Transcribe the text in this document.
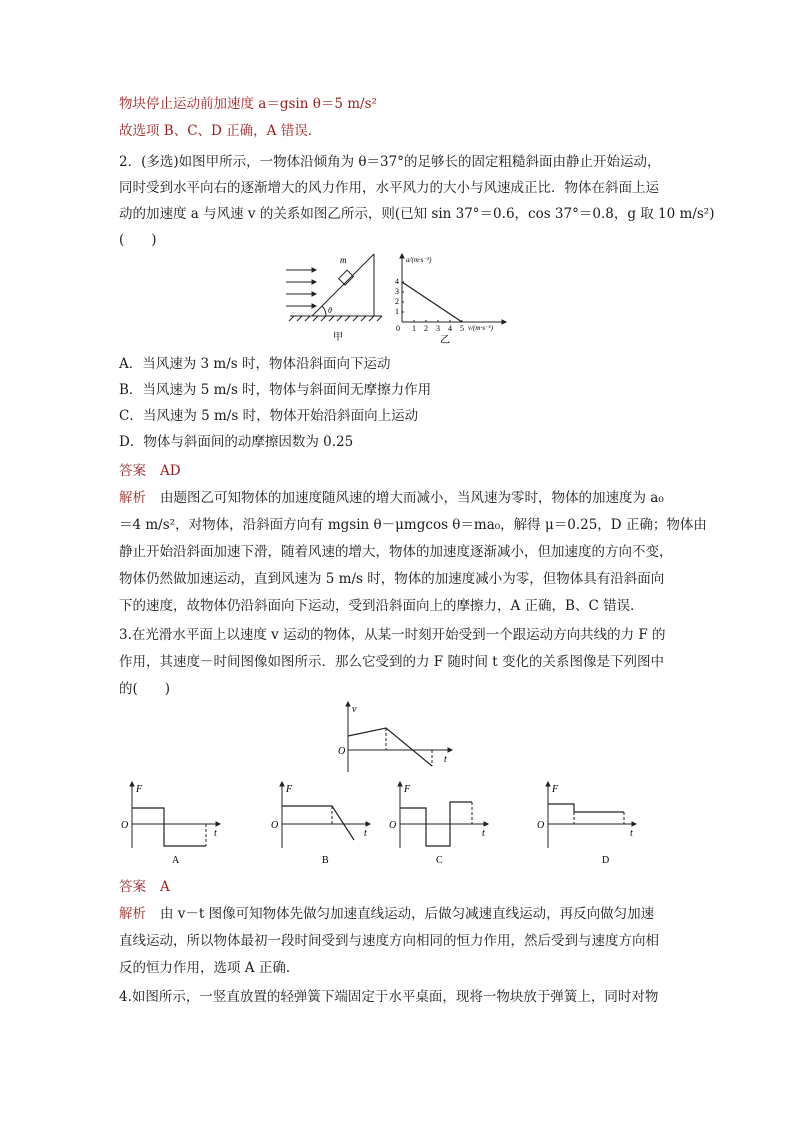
物块停止运动前加速度 a＝gsin θ＝5 m/s²
故选项 B、C、D 正确，A 错误.
2．(多选)如图甲所示，一物体沿倾角为 θ＝37°的足够长的固定粗糙斜面由静止开始运动，
同时受到水平向右的逐渐增大的风力作用，水平风力的大小与风速成正比．物体在斜面上运
动的加速度 a 与风速 v 的关系如图乙所示，则(已知 sin 37°＝0.6，cos 37°＝0.8，g 取 10 m/s²)
(　　)
m
θ
甲
a/(m·s⁻²)
v/(m·s⁻¹)
0 1 2 3 4 5
1
2
3
4
乙
A．当风速为 3 m/s 时，物体沿斜面向下运动
B．当风速为 5 m/s 时，物体与斜面间无摩擦力作用
C．当风速为 5 m/s 时，物体开始沿斜面向上运动
D．物体与斜面间的动摩擦因数为 0.25
答案 AD
解析 由题图乙可知物体的加速度随风速的增大而减小，当风速为零时，物体的加速度为 a₀
＝4 m/s²，对物体，沿斜面方向有 mgsin θ－μmgcos θ＝ma₀，解得 μ＝0.25，D 正确；物体由
静止开始沿斜面加速下滑，随着风速的增大，物体的加速度逐渐减小，但加速度的方向不变，
物体仍然做加速运动，直到风速为 5 m/s 时，物体的加速度减小为零，但物体具有沿斜面向
下的速度，故物体仍沿斜面向下运动，受到沿斜面向上的摩擦力，A 正确，B、C 错误．
3.在光滑水平面上以速度 v 运动的物体，从某一时刻开始受到一个跟运动方向共线的力 F 的
作用，其速度－时间图像如图所示．那么它受到的力 F 随时间 t 变化的关系图像是下列图中
的(　　)
v
t
O
F
t
O
A
F
t
O
B
F
t
O
C
F
t
O
D
答案 A
解析 由 v－t 图像可知物体先做匀加速直线运动，后做匀减速直线运动，再反向做匀加速
直线运动，所以物体最初一段时间受到与速度方向相同的恒力作用，然后受到与速度方向相
反的恒力作用，选项 A 正确．
4.如图所示，一竖直放置的轻弹簧下端固定于水平桌面，现将一物块放于弹簧上，同时对物
